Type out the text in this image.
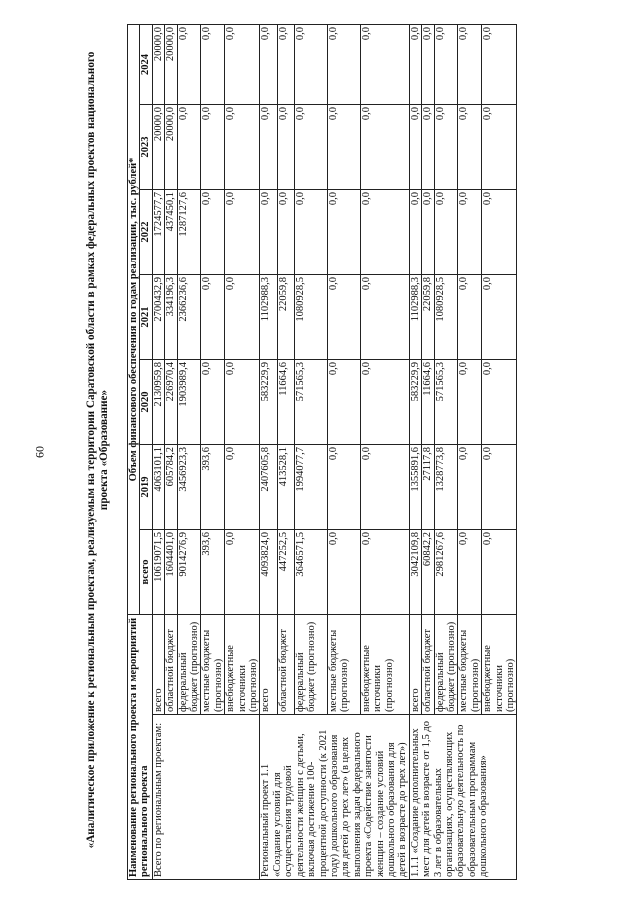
60	«Аналитическое приложение к региональным проектам, реализуемым на территории Саратовской области в рамках федеральных проектов национального проекта «Образование»
Наименование регионального проекта и мероприятий регионального проекта		Объем финансового обеспечения по годам реализации, тыс. рублей*						
		всего	2019	2020	2021	2022	2023	2024
Всего по региональным проектам:	всего	10619071,5	4063101,1	2130959,8	2700432,9	1724577,7	20000,0	20000,0
	областной бюджет	1604401,0	605784,2	226970,4	334196,3	437450,1	20000,0	20000,0
	федеральный бюджет (прогнозно)	9014276,9	3456923,3	1903989,4	2366236,6	1287127,6	0,0	0,0
	местные бюджеты (прогнозно)	393,6	393,6	0,0	0,0	0,0	0,0	0,0
	внебюджетные источники (прогнозно)	0,0	0,0	0,0	0,0	0,0	0,0	0,0
Региональный проект 1.1 «Создание условий для осуществления трудовой деятельности женщин с детьми, включая достижение 100-процентной доступности (к 2021 году) дошкольного образования для детей до трех лет» (в целях выполнения задач федерального проекта «Содействие занятости женщин – создание условий дошкольного образования для детей в возрасте до трех лет»)	всего	4093824,0	2407605,8	583229,9	1102988,3	0,0	0,0	0,0
	областной бюджет	447252,5	413528,1	11664,6	22059,8	0,0	0,0	0,0
	федеральный бюджет (прогнозно)	3646571,5	1994077,7	571565,3	1080928,5	0,0	0,0	0,0
	местные бюджеты (прогнозно)	0,0	0,0	0,0	0,0	0,0	0,0	0,0
	внебюджетные источники (прогнозно)	0,0	0,0	0,0	0,0	0,0	0,0	0,0
1.1.1 «Создание дополнительных мест для детей в возрасте от 1,5 до 3 лет в образовательных организациях, осуществляющих образовательную деятельность по образовательным программам дошкольного образования»	всего	3042109,8	1355891,6	583229,9	1102988,3	0,0	0,0	0,0
	областной бюджет	60842,2	27117,8	11664,6	22059,8	0,0	0,0	0,0
	федеральный бюджет (прогнозно)	2981267,6	1328773,8	571565,3	1080928,5	0,0	0,0	0,0
	местные бюджеты (прогнозно)	0,0	0,0	0,0	0,0	0,0	0,0	0,0
	внебюджетные источники (прогнозно)	0,0	0,0	0,0	0,0	0,0	0,0	0,0
